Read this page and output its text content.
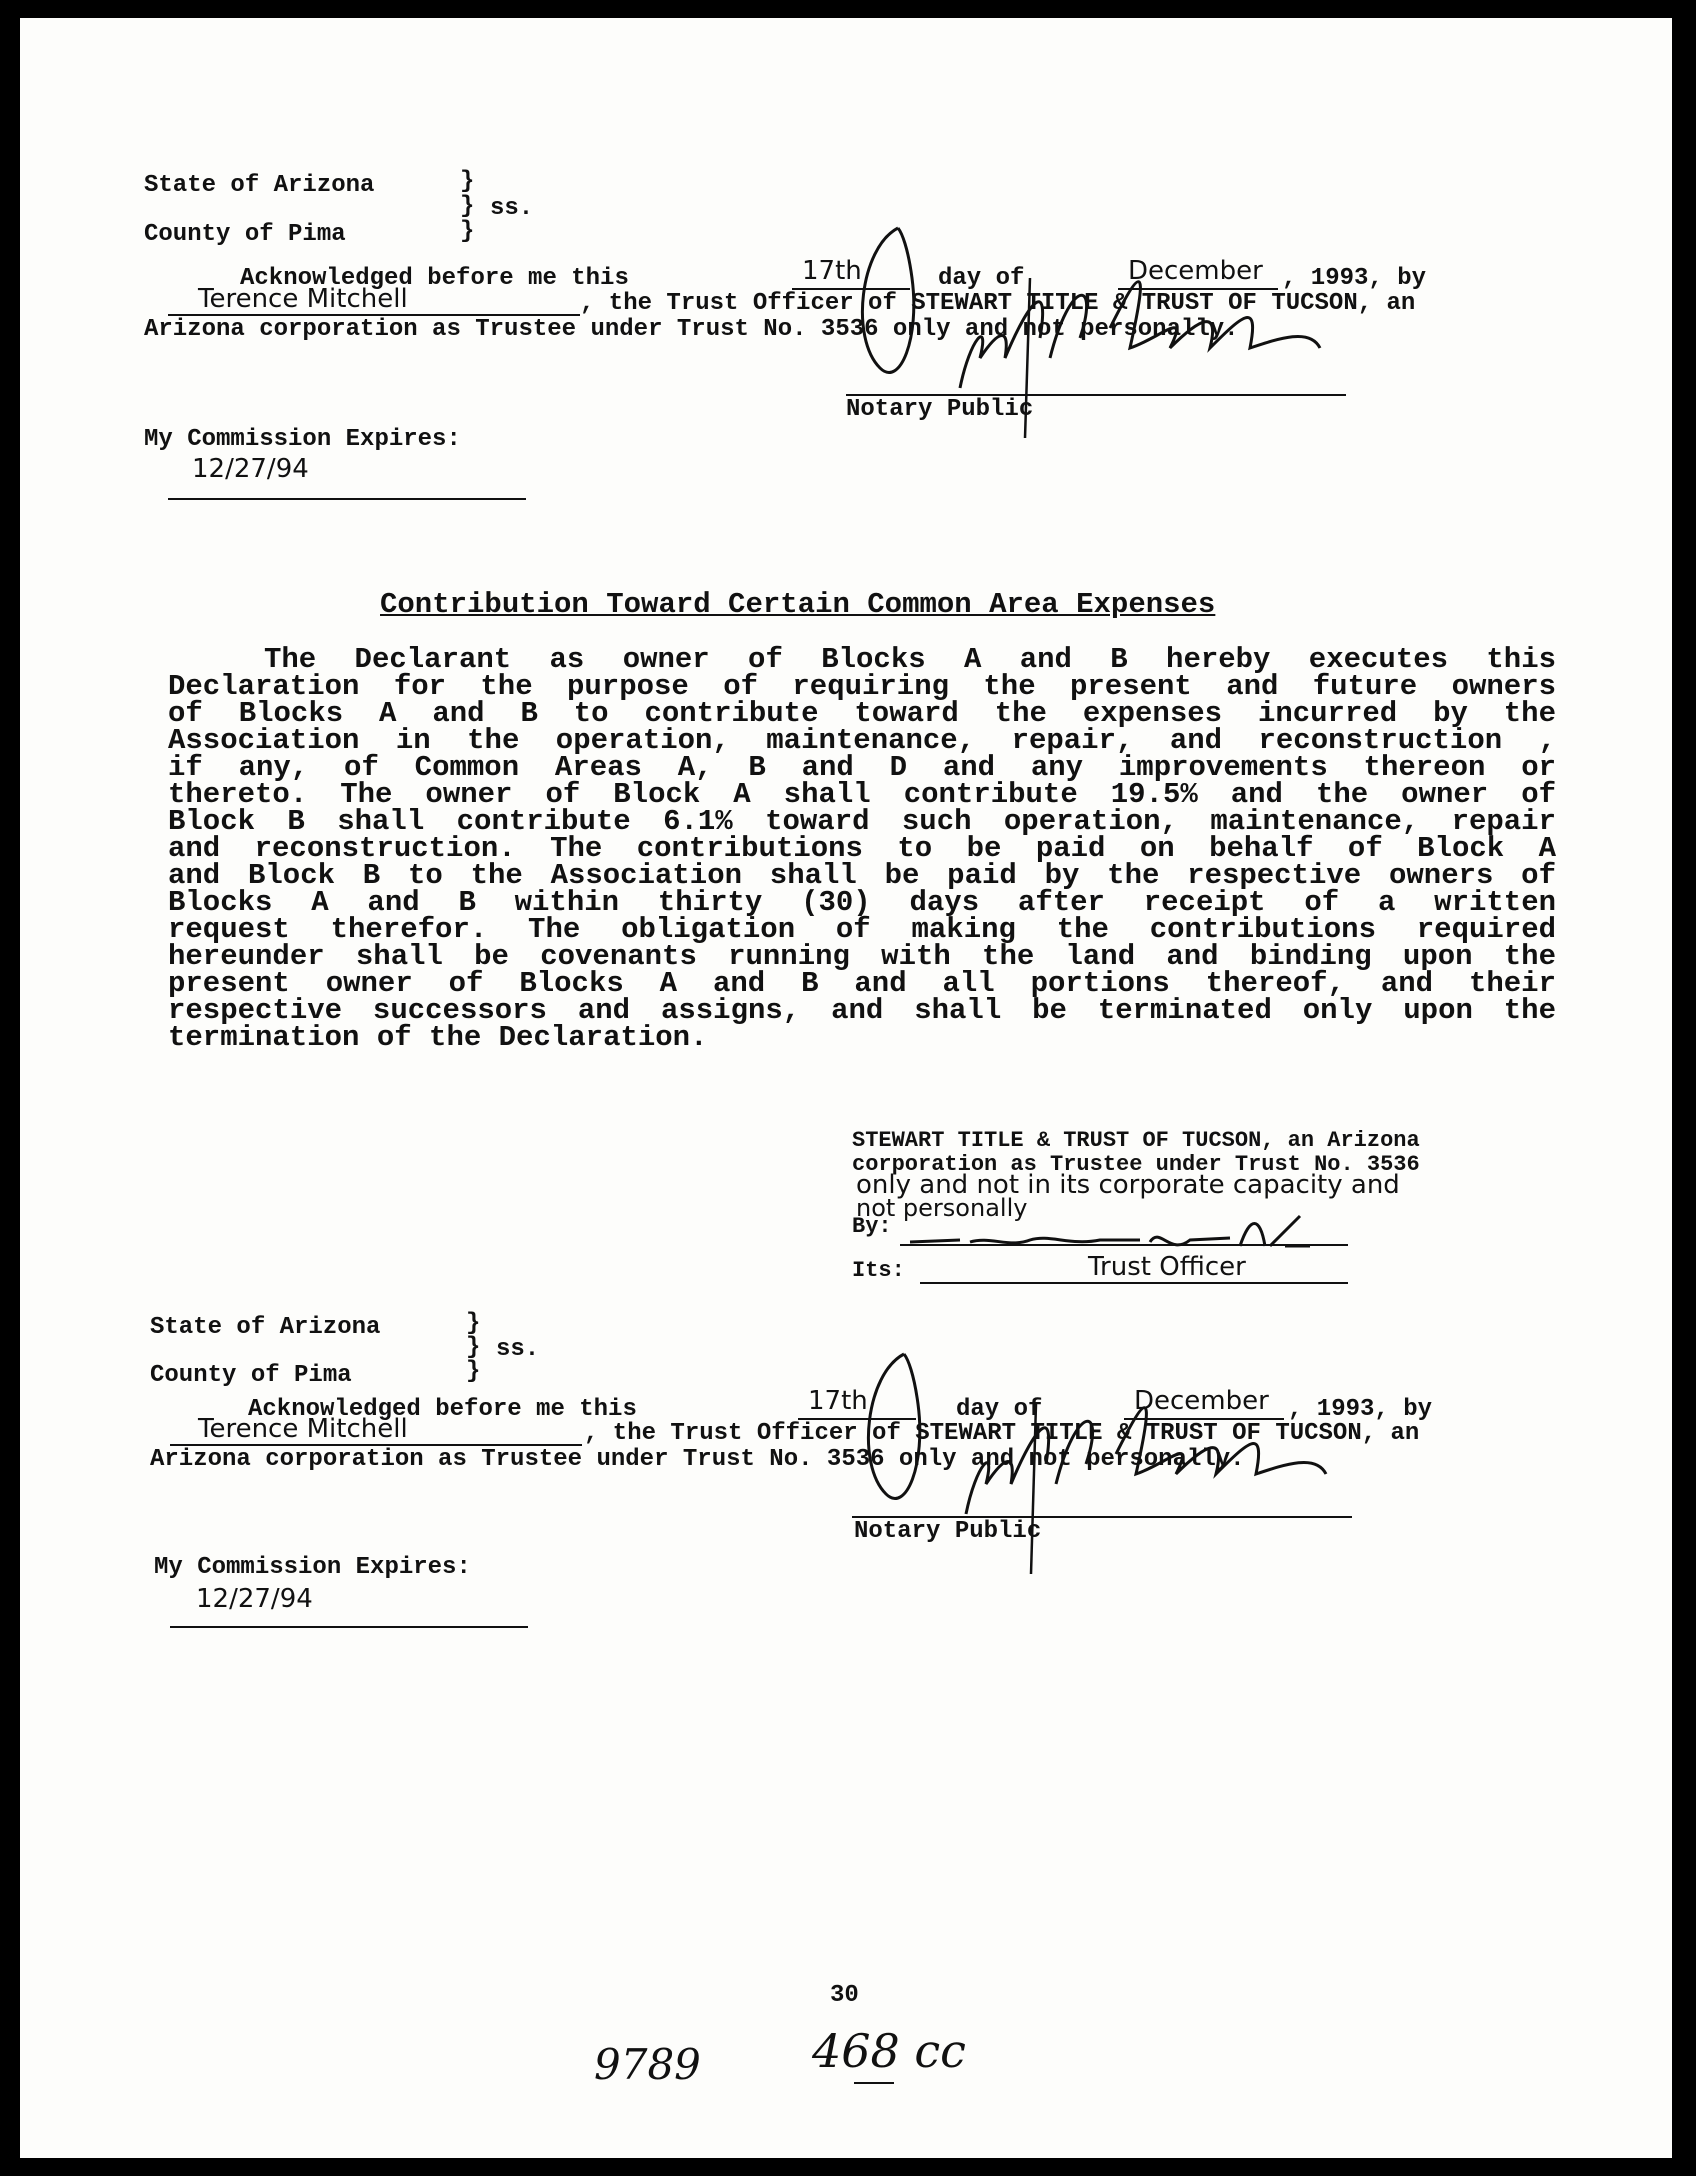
State of Arizona	}
} ss.
County of Pima	}
Acknowledged before me this	17th	day of	December , 1993, by
Terence Mitchell	, the Trust Officer of STEWART TITLE & TRUST OF TUCSON, an
Arizona corporation as Trustee under Trust No. 3536 only and not personally.
Notary Public
My Commission Expires:
12/27/94
Contribution Toward Certain Common Area Expenses
The Declarant as owner of Blocks A and B hereby executes this
Declaration for the purpose of requiring the present and future owners
of Blocks A and B to contribute toward the expenses incurred by the
Association in the operation, maintenance, repair, and reconstruction ,
if any, of Common Areas A, B and D and any improvements thereon or
thereto. The owner of Block A shall contribute 19.5% and the owner of
Block B shall contribute 6.1% toward such operation, maintenance, repair
and reconstruction. The contributions to be paid on behalf of Block A
and Block B to the Association shall be paid by the respective owners of
Blocks A and B within thirty (30) days after receipt of a written
request therefor. The obligation of making the contributions required
hereunder shall be covenants running with the land and binding upon the
present owner of Blocks A and B and all portions thereof, and their
respective successors and assigns, and shall be terminated only upon the
termination of the Declaration.
STEWART TITLE & TRUST OF TUCSON, an Arizona
corporation as Trustee under Trust No. 3536
only and not in its corporate capacity and
not personally
By:
Its:	Trust Officer
State of Arizona	}
} ss.
County of Pima	}
Acknowledged before me this	17th	day of	December , 1993, by
Terence Mitchell	, the Trust Officer of STEWART TITLE & TRUST OF TUCSON, an
Arizona corporation as Trustee under Trust No. 3536 only and not personally.
Notary Public
My Commission Expires:
12/27/94
30
9789 468 cc
